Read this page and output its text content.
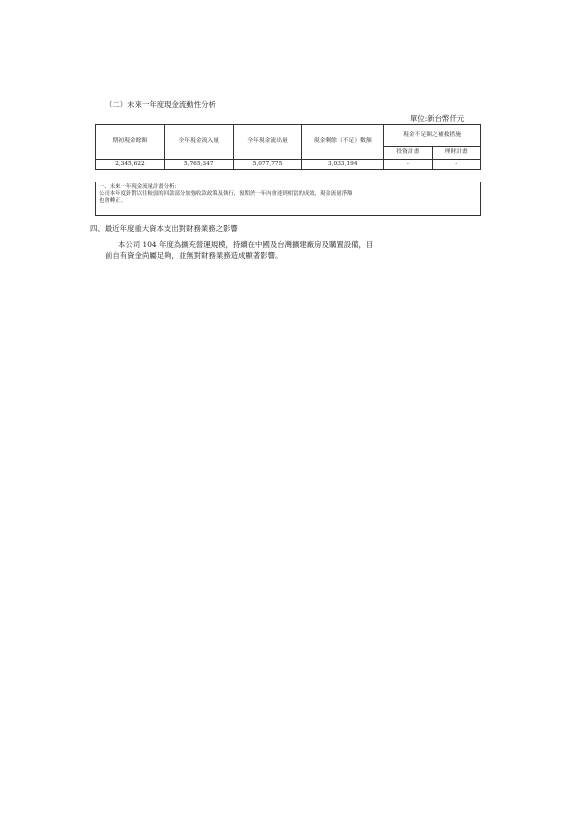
（二）未來一年度現金流動性分析
單位:新台幣仟元
期初現金餘額	全年現金流入量	全年現金流出量	現金剩餘（不足）數額	現金不足額之補救措施	
				投資計畫	理財計畫
2,345,622	5,765,347	5,077,775	3,033,194	-	-
一、未來一年現金流量計畫分析:
公司本年度針對以往較弱的回款部分加強收款政策及執行，預期於一年內會達到相當的成效，現金流量淨額
也會轉正。
四、最近年度重大資本支出對財務業務之影響
本公司 104 年度為擴充營運規模，持續在中國及台灣擴建廠房及購置設備，目
前自有資金尚屬足夠，並無對財務業務造成顯著影響。
